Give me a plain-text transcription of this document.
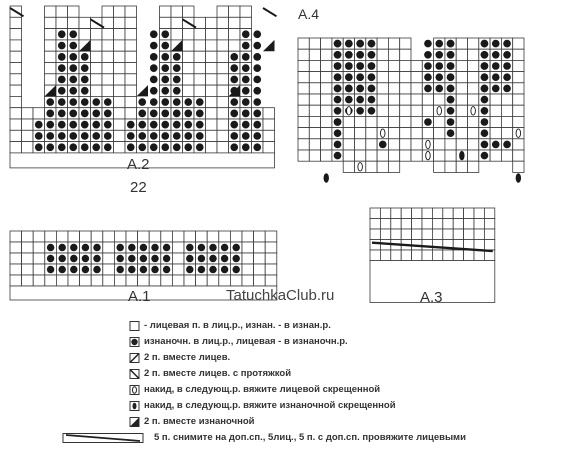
A.2
22
A.4
A.1	A.3
TatuchkaClub.ru
- лицевая п. в лиц.р., изнан. - в изнан.р.
изнаночн. в лиц.р., лицевая - в изнаночн.р.
2 п. вместе лицев.
2 п. вместе лицев. с протяжкой
накид, в следующ.р. вяжите лицевой скрещенной
накид, в следующ.р. вяжите изнаночной скрещенной
2 п. вместе изнаночной
5 п. снимите на доп.сп., 5лиц., 5 п. с доп.сп. провяжите лицевыми
